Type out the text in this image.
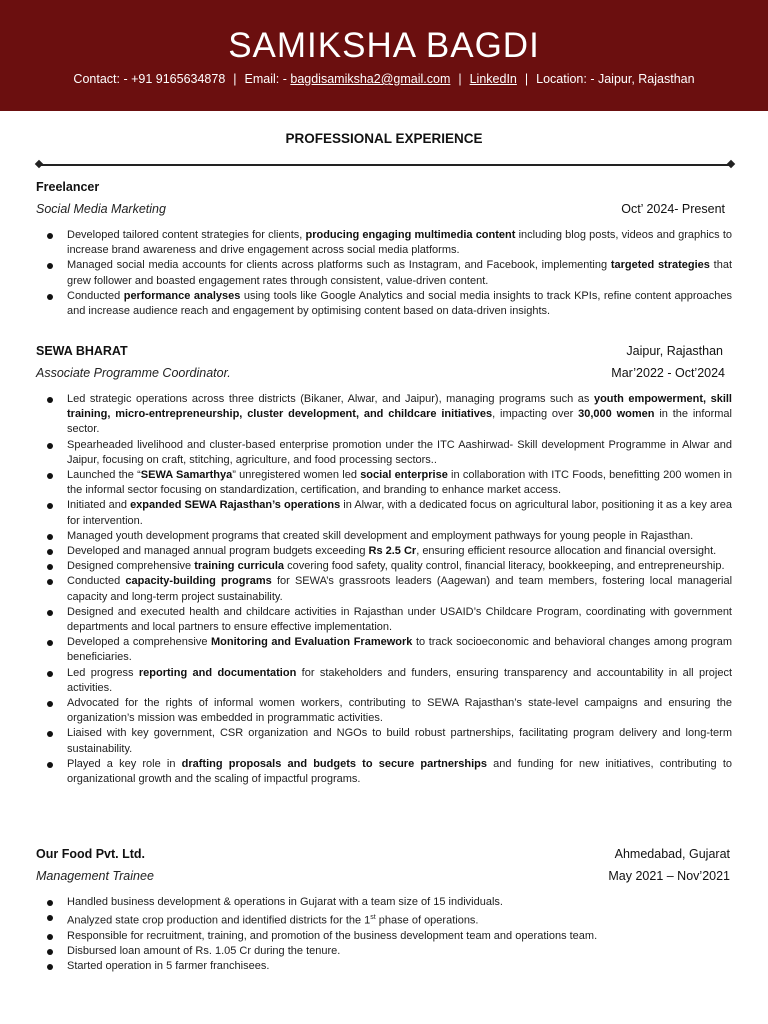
SAMIKSHA BAGDI
Contact: - +91 9165634878 | Email: - bagdisamiksha2@gmail.com | LinkedIn | Location: - Jaipur, Rajasthan
PROFESSIONAL EXPERIENCE
Freelancer
Social Media Marketing	Oct’ 2024- Present
Developed tailored content strategies for clients, producing engaging multimedia content including blog posts, videos and graphics to increase brand awareness and drive engagement across social media platforms.
Managed social media accounts for clients across platforms such as Instagram, and Facebook, implementing targeted strategies that grew follower and boasted engagement rates through consistent, value-driven content.
Conducted performance analyses using tools like Google Analytics and social media insights to track KPIs, refine content approaches and increase audience reach and engagement by optimising content based on data-driven insights.
SEWA BHARAT	Jaipur, Rajasthan
Associate Programme Coordinator.	Mar’2022 - Oct’2024
Led strategic operations across three districts (Bikaner, Alwar, and Jaipur), managing programs such as youth empowerment, skill training, micro-entrepreneurship, cluster development, and childcare initiatives, impacting over 30,000 women in the informal sector.
Spearheaded livelihood and cluster-based enterprise promotion under the ITC Aashirwad- Skill development Programme in Alwar and Jaipur, focusing on craft, stitching, agriculture, and food processing sectors..
Launched the “SEWA Samarthya” unregistered women led social enterprise in collaboration with ITC Foods, benefitting 200 women in the informal sector focusing on standardization, certification, and branding to enhance market access.
Initiated and expanded SEWA Rajasthan’s operations in Alwar, with a dedicated focus on agricultural labor, positioning it as a key area for intervention.
Managed youth development programs that created skill development and employment pathways for young people in Rajasthan.
Developed and managed annual program budgets exceeding Rs 2.5 Cr, ensuring efficient resource allocation and financial oversight.
Designed comprehensive training curricula covering food safety, quality control, financial literacy, bookkeeping, and entrepreneurship.
Conducted capacity-building programs for SEWA’s grassroots leaders (Aagewan) and team members, fostering local managerial capacity and long-term project sustainability.
Designed and executed health and childcare activities in Rajasthan under USAID’s Childcare Program, coordinating with government departments and local partners to ensure effective implementation.
Developed a comprehensive Monitoring and Evaluation Framework to track socioeconomic and behavioral changes among program beneficiaries.
Led progress reporting and documentation for stakeholders and funders, ensuring transparency and accountability in all project activities.
Advocated for the rights of informal women workers, contributing to SEWA Rajasthan’s state-level campaigns and ensuring the organization’s mission was embedded in programmatic activities.
Liaised with key government, CSR organization and NGOs to build robust partnerships, facilitating program delivery and long-term sustainability.
Played a key role in drafting proposals and budgets to secure partnerships and funding for new initiatives, contributing to organizational growth and the scaling of impactful programs.
Our Food Pvt. Ltd.	Ahmedabad, Gujarat
Management Trainee	May 2021 – Nov’2021
Handled business development & operations in Gujarat with a team size of 15 individuals.
Analyzed state crop production and identified districts for the 1st phase of operations.
Responsible for recruitment, training, and promotion of the business development team and operations team.
Disbursed loan amount of Rs. 1.05 Cr during the tenure.
Started operation in 5 farmer franchisees.
